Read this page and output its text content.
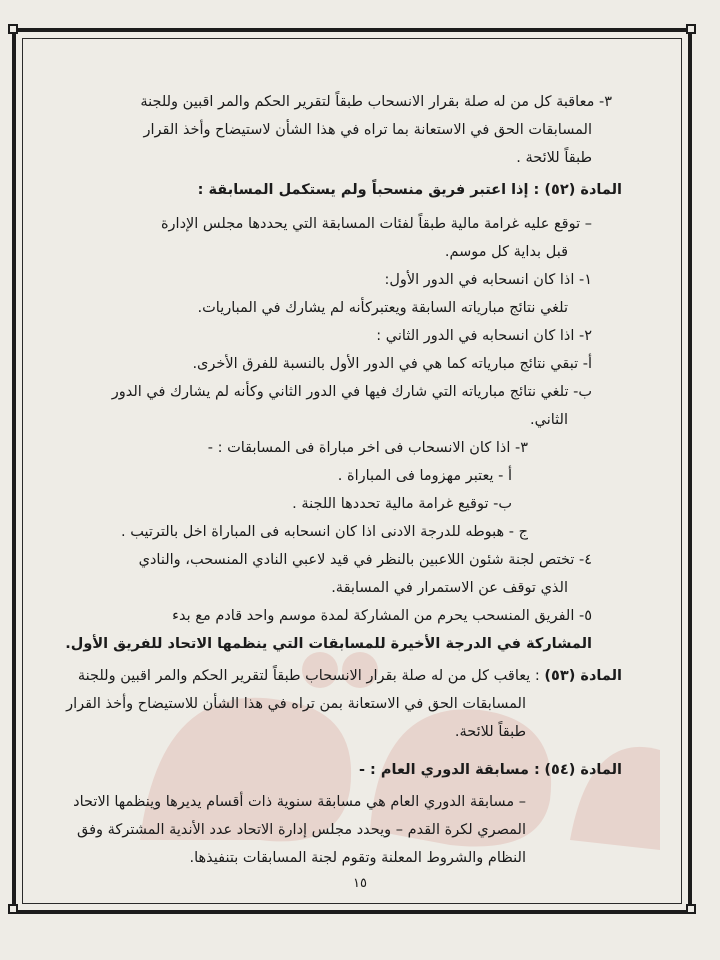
٣- معاقبة كل من له صلة بقرار الانسحاب طبقاً لتقرير الحكم والمر اقبين وللجنة
المسابقات الحق في الاستعانة بما تراه في هذا الشأن لاستيضاح وأخذ القرار
طبقاً للائحة .
المادة (٥٢) : إذا اعتبر فريق منسحباً ولم يستكمل المسابقة :
– توقع عليه غرامة مالية طبقاً لفئات المسابقة التي يحددها مجلس الإدارة
قبل بداية كل موسم.
١- اذا كان انسحابه في الدور الأول:
تلغي نتائج مبارياته السابقة ويعتبركأنه لم يشارك في المباريات.
٢- اذا كان انسحابه في الدور الثاني :
أ- تبقي نتائج مبارياته كما هي في الدور الأول بالنسبة للفرق الأخرى.
ب- تلغي نتائج مبارياته التي شارك فيها في الدور الثاني وكأنه لم يشارك في الدور
الثاني.
٣- اذا كان الانسحاب فى اخر مباراة فى المسابقات : -
أ - يعتبر مهزوما فى المباراة .
ب- توقيع غرامة مالية تحددها اللجنة .
ج - هبوطه للدرجة الادنى اذا كان انسحابه فى المباراة اخل بالترتيب .
٤- تختص لجنة شئون اللاعبين بالنظر في قيد لاعبي النادي المنسحب، والنادي
الذي توقف عن الاستمرار في المسابقة.
٥- الفريق المنسحب يحرم من المشاركة لمدة موسم واحد قادم مع بدء
المشاركة في الدرجة الأخيرة للمسابقات التي ينظمها الاتحاد للفريق الأول.
المادة (٥٣) : يعاقب كل من له صلة بقرار الانسحاب طبقاً لتقرير الحكم والمر اقبين وللجنة
المسابقات الحق في الاستعانة بمن تراه في هذا الشأن للاستيضاح وأخذ القرار
طبقاً للائحة.
المادة (٥٤) : مسابقة الدوري العام : -
– مسابقة الدوري العام هي مسابقة سنوية ذات أقسام يديرها وينظمها الاتحاد
المصري لكرة القدم – ويحدد مجلس إدارة الاتحاد عدد الأندية المشتركة وفق
النظام والشروط المعلنة وتقوم لجنة المسابقات بتنفيذها.
١٥
